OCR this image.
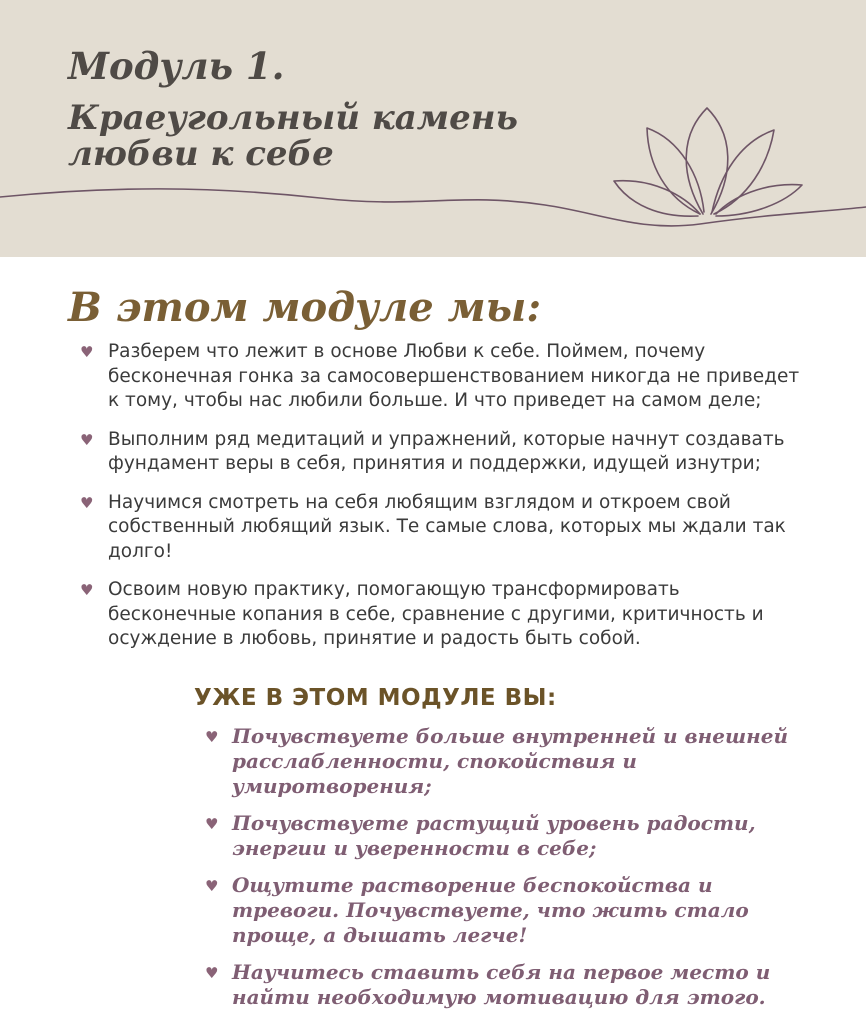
Модуль 1.
Краеугольный камень
любви к себе
В этом модуле мы:
♥ Разберем что лежит в основе Любви к себе. Поймем, почему бесконечная гонка за самосовершенствованием никогда не приведет к тому, чтобы нас любили больше. И что приведет на самом деле;
♥ Выполним ряд медитаций и упражнений, которые начнут создавать фундамент веры в себя, принятия и поддержки, идущей изнутри;
♥ Научимся смотреть на себя любящим взглядом и откроем свой собственный любящий язык. Те самые слова, которых мы ждали так долго!
♥ Освоим новую практику, помогающую трансформировать бесконечные копания в себе, сравнение с другими, критичность и осуждение в любовь, принятие и радость быть собой.
УЖЕ В ЭТОМ МОДУЛЕ ВЫ:
♥ Почувствуете больше внутренней и внешней расслабленности, спокойствия и умиротворения;
♥ Почувствуете растущий уровень радости, энергии и уверенности в себе;
♥ Ощутите растворение беспокойства и тревоги. Почувствуете, что жить стало проще, а дышать легче!
♥ Научитесь ставить себя на первое место и найти необходимую мотивацию для этого.
